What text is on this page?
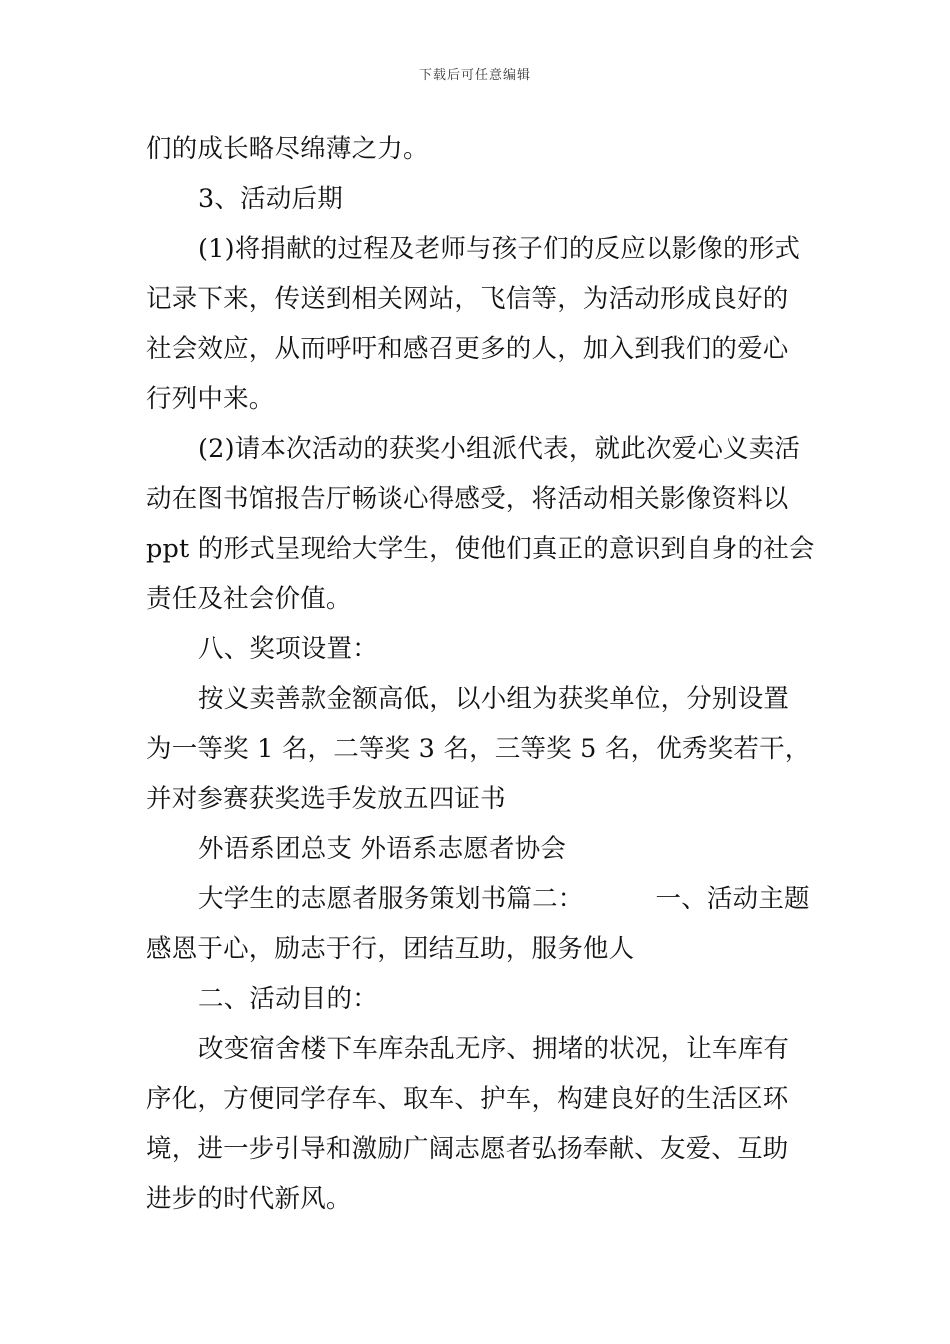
下载后可任意编辑
们的成长略尽绵薄之力。
3、活动后期
(1)将捐献的过程及老师与孩子们的反应以影像的形式
记录下来，传送到相关网站，飞信等，为活动形成良好的
社会效应，从而呼吁和感召更多的人，加入到我们的爱心
行列中来。
(2)请本次活动的获奖小组派代表，就此次爱心义卖活
动在图书馆报告厅畅谈心得感受，将活动相关影像资料以
ppt 的形式呈现给大学生，使他们真正的意识到自身的社会
责任及社会价值。
八、奖项设置：
按义卖善款金额高低，以小组为获奖单位，分别设置
为一等奖 1 名，二等奖 3 名，三等奖 5 名，优秀奖若干，
并对参赛获奖选手发放五四证书
外语系团总支 外语系志愿者协会
大学生的志愿者服务策划书篇二：	一、活动主题
感恩于心，励志于行，团结互助，服务他人
二、活动目的：
改变宿舍楼下车库杂乱无序、拥堵的状况，让车库有
序化，方便同学存车、取车、护车，构建良好的生活区环
境，进一步引导和激励广阔志愿者弘扬奉献、友爱、互助
进步的时代新风。
